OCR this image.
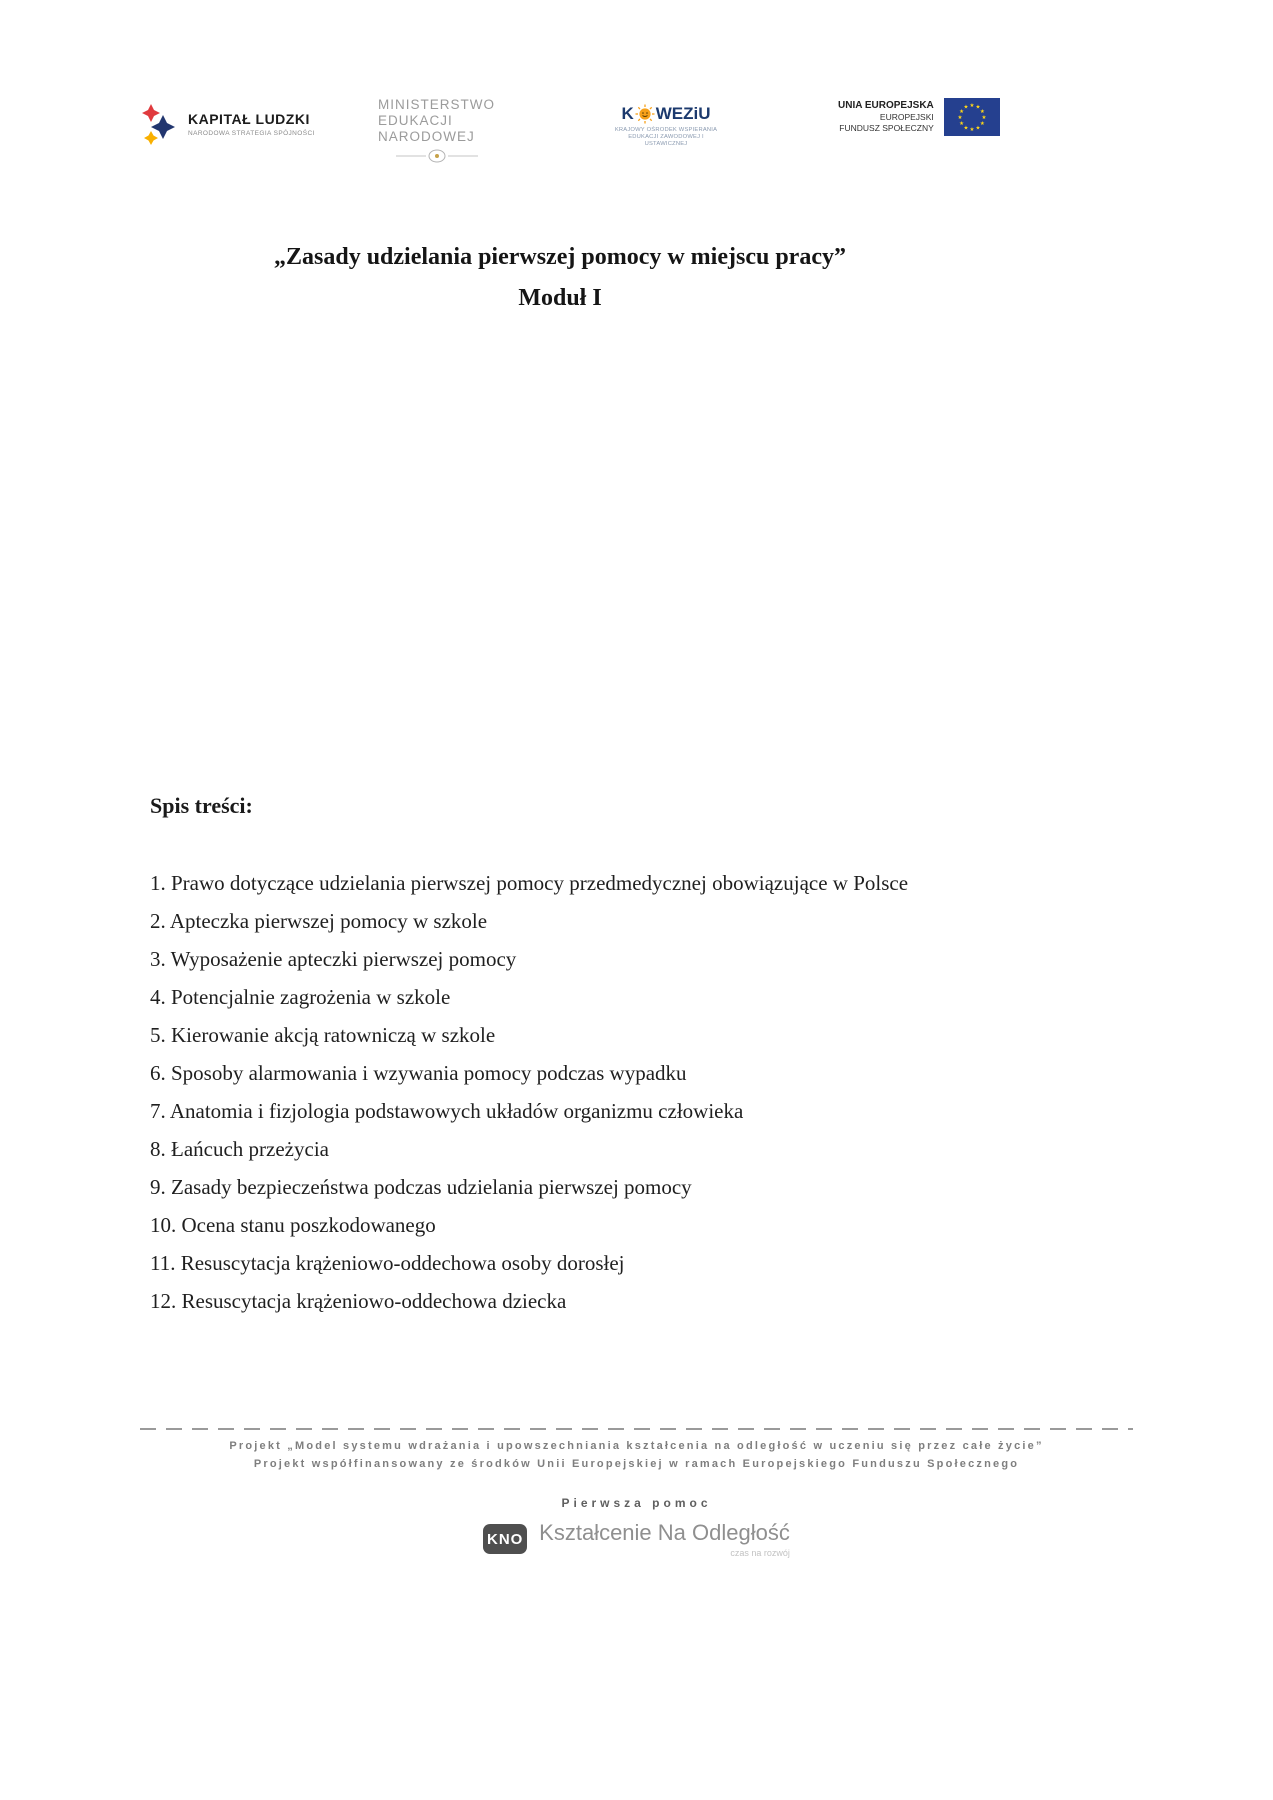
KAPITAŁ LUDZKI
NARODOWA STRATEGIA SPÓJNOŚCI
MINISTERSTWO
EDUKACJI
NARODOWEJ
K WEZiU
KRAJOWY OŚRODEK WSPIERANIA EDUKACJI ZAWODOWEJ I USTAWICZNEJ
UNIA EUROPEJSKA
EUROPEJSKI
FUNDUSZ SPOŁECZNY
★
★
★
★
★
★
★
★
★ ★ ★
★
„Zasady udzielania pierwszej pomocy w miejscu pracy”
Moduł I
Spis treści:
1. Prawo dotyczące udzielania pierwszej pomocy przedmedycznej obowiązujące w Polsce
2. Apteczka pierwszej pomocy w szkole
3. Wyposażenie apteczki pierwszej pomocy
4. Potencjalnie zagrożenia w szkole
5. Kierowanie akcją ratowniczą w szkole
6. Sposoby alarmowania i wzywania pomocy podczas wypadku
7. Anatomia i fizjologia podstawowych układów organizmu człowieka
8. Łańcuch przeżycia
9. Zasady bezpieczeństwa podczas udzielania pierwszej pomocy
10. Ocena stanu poszkodowanego
11. Resuscytacja krążeniowo-oddechowa osoby dorosłej
12. Resuscytacja krążeniowo-oddechowa dziecka
Projekt „Model systemu wdrażania i upowszechniania kształcenia na odległość w uczeniu się przez całe życie”
Projekt współfinansowany ze środków Unii Europejskiej w ramach Europejskiego Funduszu Społecznego
Pierwsza pomoc
KNO Kształcenie Na Odległość
czas na rozwój
